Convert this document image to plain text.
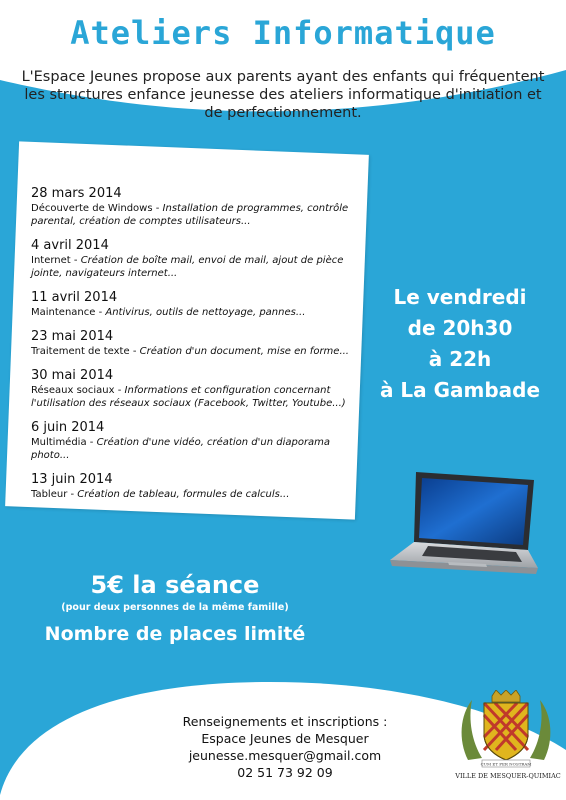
Ateliers Informatique
L'Espace Jeunes propose aux parents ayant des enfants qui fréquentent les structures enfance jeunesse des ateliers informatique d'initiation et de perfectionnement.
28 mars 2014
Découverte de Windows - Installation de programmes, contrôle parental, création de comptes utilisateurs...
4 avril 2014
Internet - Création de boîte mail, envoi de mail, ajout de pièce jointe, navigateurs internet...
11 avril 2014
Maintenance - Antivirus, outils de nettoyage, pannes...
23 mai 2014
Traitement de texte - Création d'un document, mise en forme...
30 mai 2014
Réseaux sociaux - Informations et configuration concernant l'utilisation des réseaux sociaux (Facebook, Twitter, Youtube...)
6 juin 2014
Multimédia - Création d'une vidéo, création d'un diaporama photo...
13 juin 2014
Tableur - Création de tableau, formules de calculs...
Le vendredi
de 20h30
à 22h
à La Gambade
5€ la séance
(pour deux personnes de la même famille)
Nombre de places limité
Renseignements et inscriptions :
Espace Jeunes de Mesquer
jeunesse.mesquer@gmail.com
02 51 73 92 09
CUM ET PER NOSTRAM
VILLE DE MESQUER-QUIMIAC
